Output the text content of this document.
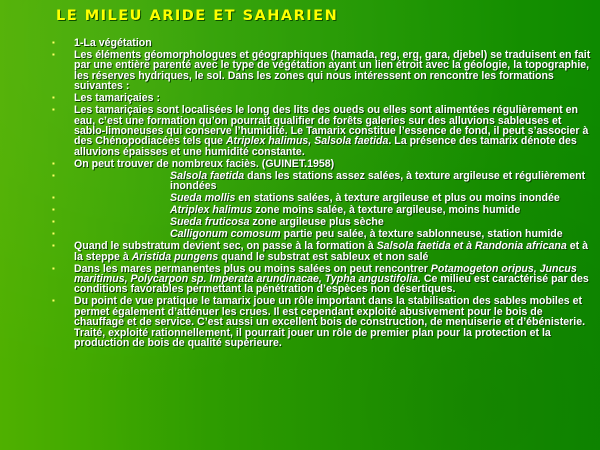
LE MILEU ARIDE ET SAHARIEN
▪ 1-La végétation
▪ Les éléments géomorphologues et géographiques (hamada, reg, erg, gara, djebel) se traduisent en fait par une entière parenté avec le type de végétation ayant un lien étroit avec la géologie, la topographie, les réserves hydriques, le sol. Dans les zones qui nous intéressent on rencontre les formations suivantes :
▪ Les tamariçaies :
▪ Les tamariçaies sont localisées le long des lits des oueds ou elles sont alimentées régulièrement en eau, c’est une formation qu’on pourrait qualifier de forêts galeries sur des alluvions sableuses et sablo-limoneuses qui conserve l’humidité. Le Tamarix constitue l’essence de fond, il peut s’associer à des Chénopodiacées tels que Atriplex halimus, Salsola faetida. La présence des tamarix dénote des alluvions épaisses et une humidité constante.
▪ On peut trouver de nombreux faciès. (GUINET.1958)
▪	Salsola faetida dans les stations assez salées, à texture argileuse et régulièrement inondées
▪	Sueda mollis en stations salées, à texture argileuse et plus ou moins inondée
▪	Atriplex halimus zone moins salée, à texture argileuse, moins humide
▪	Sueda fruticosa zone argileuse plus sèche
▪	Calligonum comosum partie peu salée, à texture sablonneuse, station humide
▪ Quand le substratum devient sec, on passe à la formation à Salsola faetida et à Randonia africana et à la steppe à Aristida pungens quand le substrat est sableux et non salé
▪ Dans les mares permanentes plus ou moins salées on peut rencontrer Potamogeton oripus, Juncus maritimus, Polycarpon sp. Imperata arundinacae, Typha angustifolia. Ce milieu est caractérisé par des conditions favorables permettant la pénétration d’espèces non désertiques.
▪ Du point de vue pratique le tamarix joue un rôle important dans la stabilisation des sables mobiles et permet également d’atténuer les crues. Il est cependant exploité abusivement pour le bois de chauffage et de service. C’est aussi un excellent bois de construction, de menuiserie et d’ébénisterie. Traité, exploité rationnellement, il pourrait jouer un rôle de premier plan pour la protection et la production de bois de qualité supérieure.
